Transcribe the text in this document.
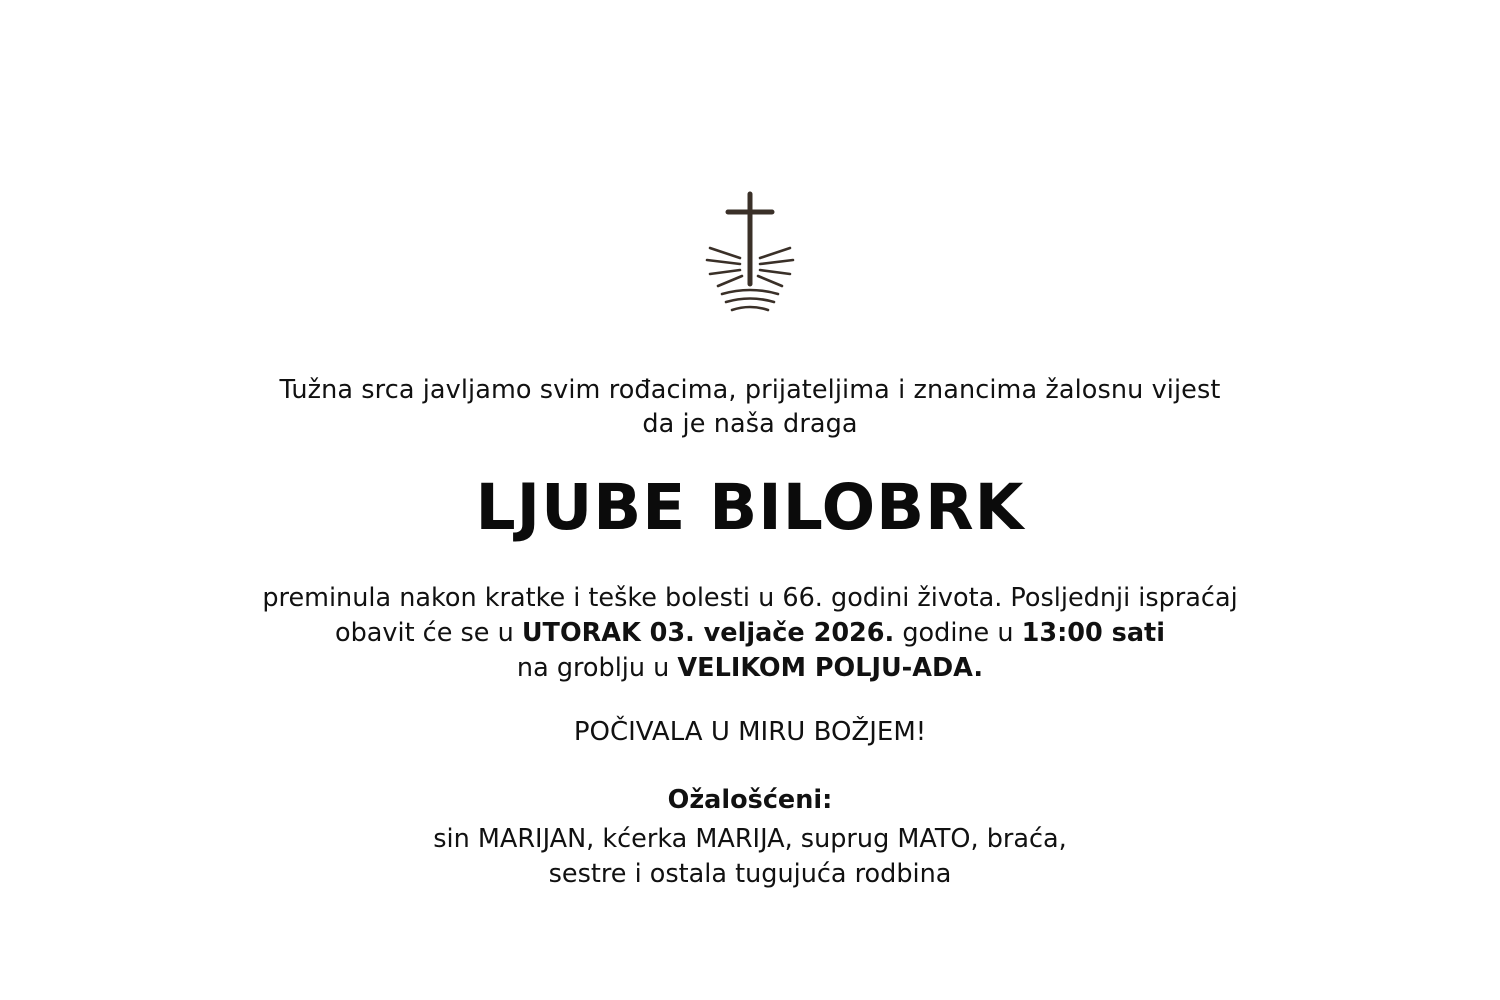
Tužna srca javljamo svim rođacima, prijateljima i znancima žalosnu vijest
da je naša draga
LJUBE BILOBRK
preminula nakon kratke i teške bolesti u 66. godini života. Posljednji ispraćaj
obavit će se u UTORAK 03. veljače 2026. godine u 13:00 sati
na groblju u VELIKOM POLJU-ADA.
POČIVALA U MIRU BOŽJEM!
Ožalošćeni:
sin MARIJAN, kćerka MARIJA, suprug MATO, braća,
sestre i ostala tugujuća rodbina
